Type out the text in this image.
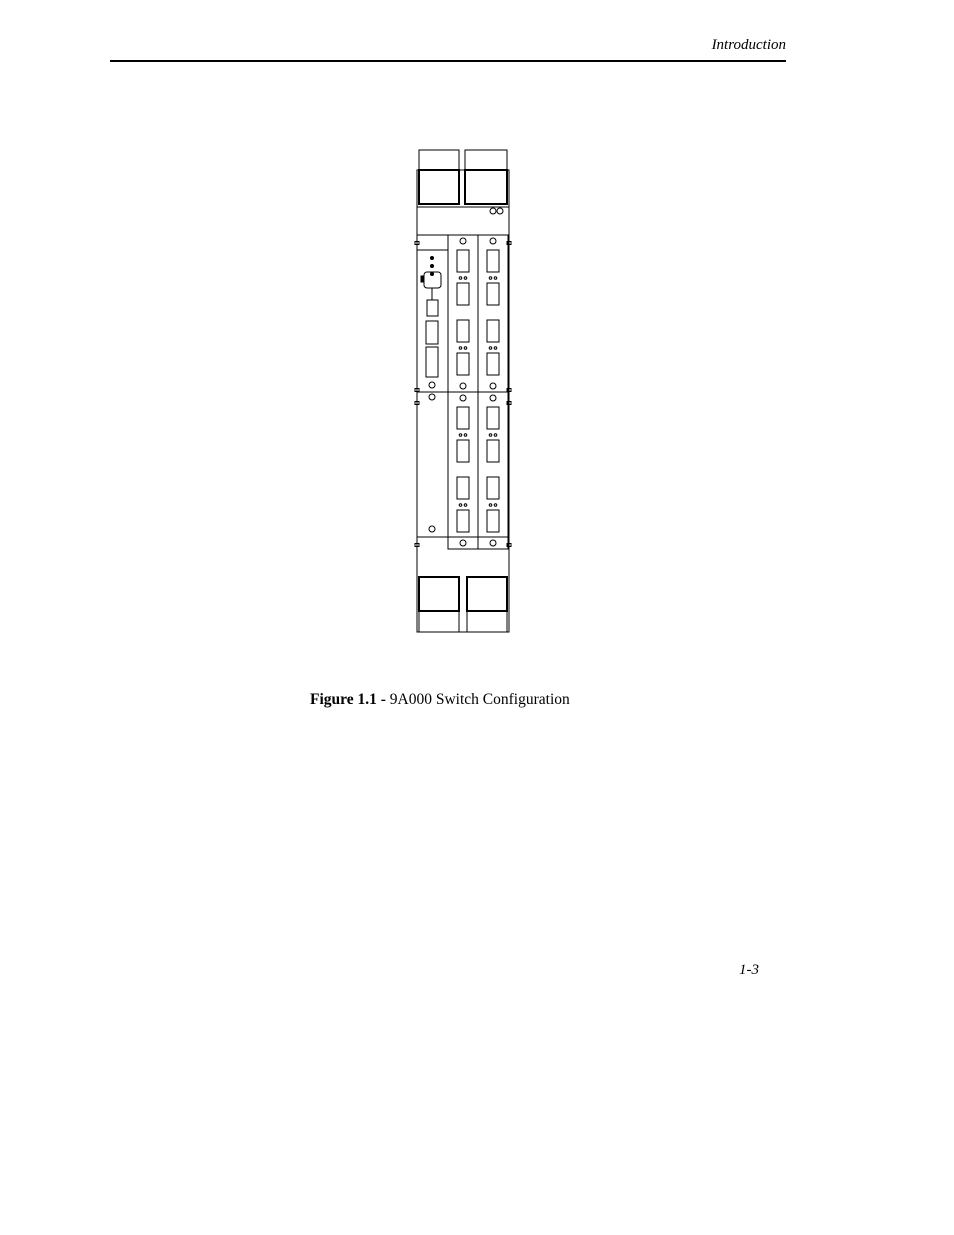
Introduction
Figure 1.1 - 9A000 Switch Configuration
1-3
